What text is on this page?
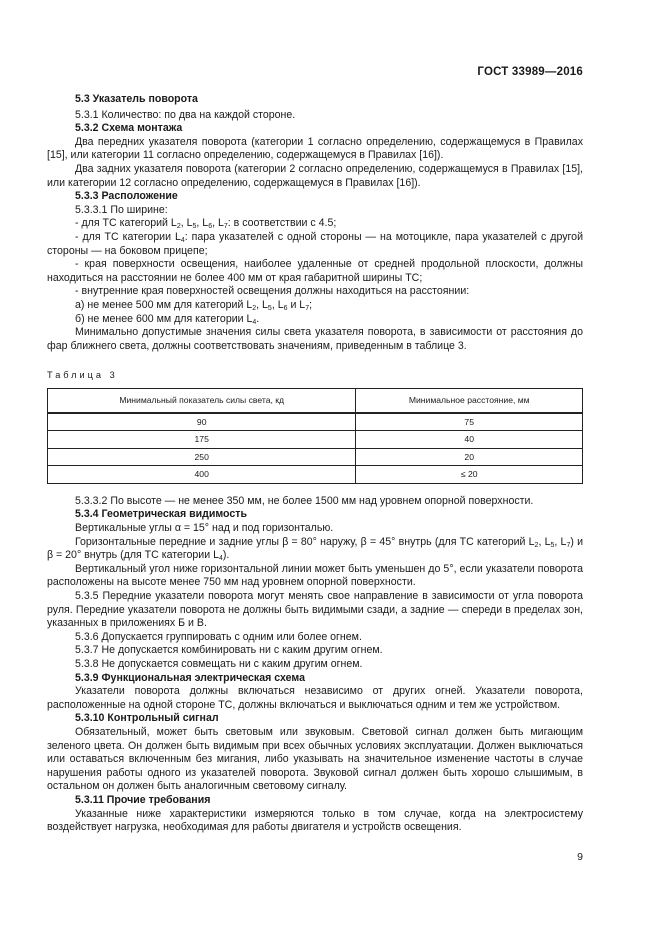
ГОСТ 33989—2016

5.3 Указатель поворота

5.3.1 Количество: по два на каждой стороне.

5.3.2 Схема монтажа

Два передних указателя поворота (категории 1 согласно определению, содержащемуся в Правилах [15], или категории 11 согласно определению, содержащемуся в Правилах [16]).

Два задних указателя поворота (категории 2 согласно определению, содержащемуся в Правилах [15], или категории 12 согласно определению, содержащемуся в Правилах [16]).

5.3.3 Расположение

5.3.3.1 По ширине:

- для ТС категорий $L_2$, $L_5$, $L_6$, $L_7$: в соответствии с 4.5;

- для ТС категории $L_4$: пара указателей с одной стороны — на мотоцикле, пара указателей с другой стороны — на боковом прицепе;

- края поверхности освещения, наиболее удаленные от средней продольной плоскости, должны находиться на расстоянии не более 400 мм от края габаритной ширины ТС;

- внутренние края поверхностей освещения должны находиться на расстоянии:

а) не менее 500 мм для категорий $L_2$, $L_5$, $L_6$ и $L_7$;

б) не менее 600 мм для категории $L_4$.

Минимально допустимые значения силы света указателя поворота, в зависимости от расстояния до фар ближнего света, должны соответствовать значениям, приведенным в таблице 3.

Таблица 3
Минимальный показатель силы света, кд	Минимальное расстояние, мм
90	75
175	40
250	20
400	≤ 20

5.3.3.2 По высоте — не менее 350 мм, не более 1500 мм над уровнем опорной поверхности.

5.3.4 Геометрическая видимость

Вертикальные углы α = 15° над и под горизонталью.

Горизонтальные передние и задние углы β = 80° наружу, β = 45° внутрь (для ТС категорий $L_2$, $L_5$, $L_7$) и β = 20° внутрь (для ТС категории $L_4$).

Вертикальный угол ниже горизонтальной линии может быть уменьшен до 5°, если указатели поворота расположены на высоте менее 750 мм над уровнем опорной поверхности.

5.3.5 Передние указатели поворота могут менять свое направление в зависимости от угла поворота руля. Передние указатели поворота не должны быть видимыми сзади, а задние — спереди в пределах зон, указанных в приложениях Б и В.

5.3.6 Допускается группировать с одним или более огнем.

5.3.7 Не допускается комбинировать ни с каким другим огнем.

5.3.8 Не допускается совмещать ни с каким другим огнем.

5.3.9 Функциональная электрическая схема

Указатели поворота должны включаться независимо от других огней. Указатели поворота, расположенные на одной стороне ТС, должны включаться и выключаться одним и тем же устройством.

5.3.10 Контрольный сигнал

Обязательный, может быть световым или звуковым. Световой сигнал должен быть мигающим зеленого цвета. Он должен быть видимым при всех обычных условиях эксплуатации. Должен выключаться или оставаться включенным без мигания, либо указывать на значительное изменение частоты в случае нарушения работы одного из указателей поворота. Звуковой сигнал должен быть хорошо слышимым, в остальном он должен быть аналогичным световому сигналу.

5.3.11 Прочие требования

Указанные ниже характеристики измеряются только в том случае, когда на электросистему воздействует нагрузка, необходимая для работы двигателя и устройств освещения.

9
